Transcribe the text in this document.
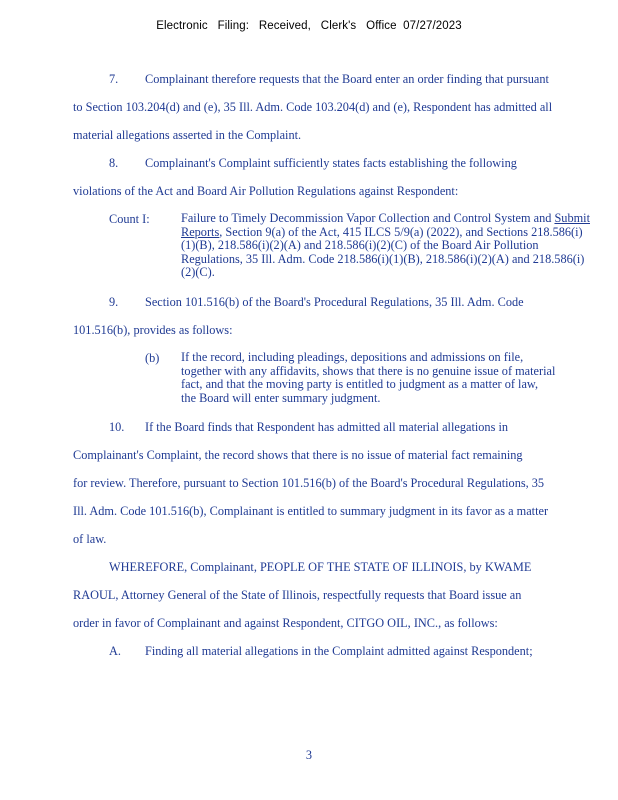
Electronic   Filing:   Received,   Clerk's   Office  07/27/2023
7. Complainant therefore requests that the Board enter an order finding that pursuant
to Section 103.204(d) and (e), 35 Ill. Adm. Code 103.204(d) and (e), Respondent has admitted all
material allegations asserted in the Complaint.
8. Complainant's Complaint sufficiently states facts establishing the following
violations of the Act and Board Air Pollution Regulations against Respondent:
Count I:	Failure to Timely Decommission Vapor Collection and Control System and Submit Reports, Section 9(a) of the Act, 415 ILCS 5/9(a) (2022), and Sections 218.586(i)(1)(B), 218.586(i)(2)(A) and 218.586(i)(2)(C) of the Board Air Pollution Regulations, 35 Ill. Adm. Code 218.586(i)(1)(B), 218.586(i)(2)(A) and 218.586(i)(2)(C).
9. Section 101.516(b) of the Board's Procedural Regulations, 35 Ill. Adm. Code
101.516(b), provides as follows:
(b) If the record, including pleadings, depositions and admissions on file, together with any affidavits, shows that there is no genuine issue of material fact, and that the moving party is entitled to judgment as a matter of law, the Board will enter summary judgment.
10. If the Board finds that Respondent has admitted all material allegations in
Complainant's Complaint, the record shows that there is no issue of material fact remaining
for review. Therefore, pursuant to Section 101.516(b) of the Board's Procedural Regulations, 35
Ill. Adm. Code 101.516(b), Complainant is entitled to summary judgment in its favor as a matter
of law.
WHEREFORE, Complainant, PEOPLE OF THE STATE OF ILLINOIS, by KWAME
RAOUL, Attorney General of the State of Illinois, respectfully requests that Board issue an
order in favor of Complainant and against Respondent, CITGO OIL, INC., as follows:
A. Finding all material allegations in the Complaint admitted against Respondent;
3
